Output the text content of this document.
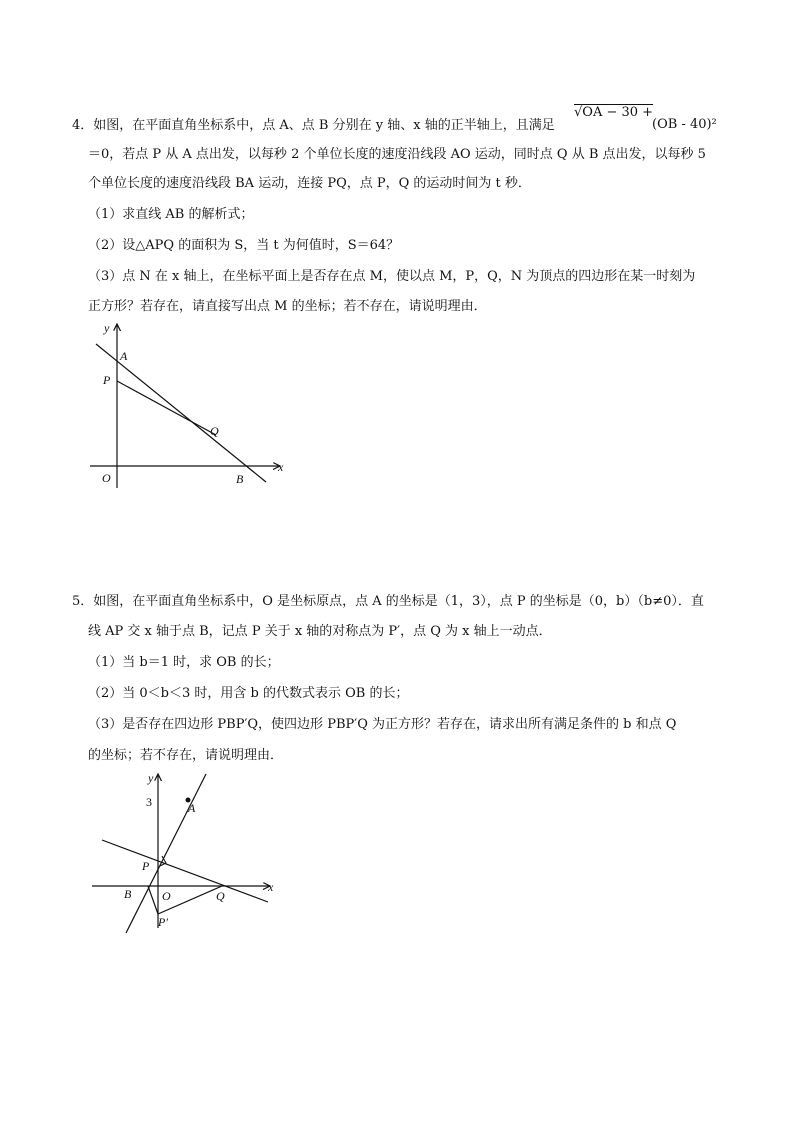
4．如图，在平面直角坐标系中，点 A、点 B 分别在 y 轴、x 轴的正半轴上，且满足
√OA − 30 +
(OB - 40)²
＝0，若点 P 从 A 点出发，以每秒 2 个单位长度的速度沿线段 AO 运动，同时点 Q 从 B 点出发，以每秒 5
个单位长度的速度沿线段 BA 运动，连接 PQ，点 P，Q 的运动时间为 t 秒．
（1）求直线 AB 的解析式；
（2）设△APQ 的面积为 S，当 t 为何值时，S＝64？
（3）点 N 在 x 轴上，在坐标平面上是否存在点 M，使以点 M，P，Q，N 为顶点的四边形在某一时刻为
正方形？若存在，请直接写出点 M 的坐标；若不存在，请说明理由．
y
A
P
Q
O	B
x
5．如图，在平面直角坐标系中，O 是坐标原点，点 A 的坐标是（1，3），点 P 的坐标是（0，b）（b≠0）．直
线 AP 交 x 轴于点 B，记点 P 关于 x 轴的对称点为 P′，点 Q 为 x 轴上一动点．
（1）当 b＝1 时，求 OB 的长；
（2）当 0＜b＜3 时，用含 b 的代数式表示 OB 的长；
（3）是否存在四边形 PBP′Q，使四边形 PBP′Q 为正方形？若存在，请求出所有满足条件的 b 和点 Q
的坐标；若不存在，请说明理由．
y
3	A
P
B	O	Q
P′
x
